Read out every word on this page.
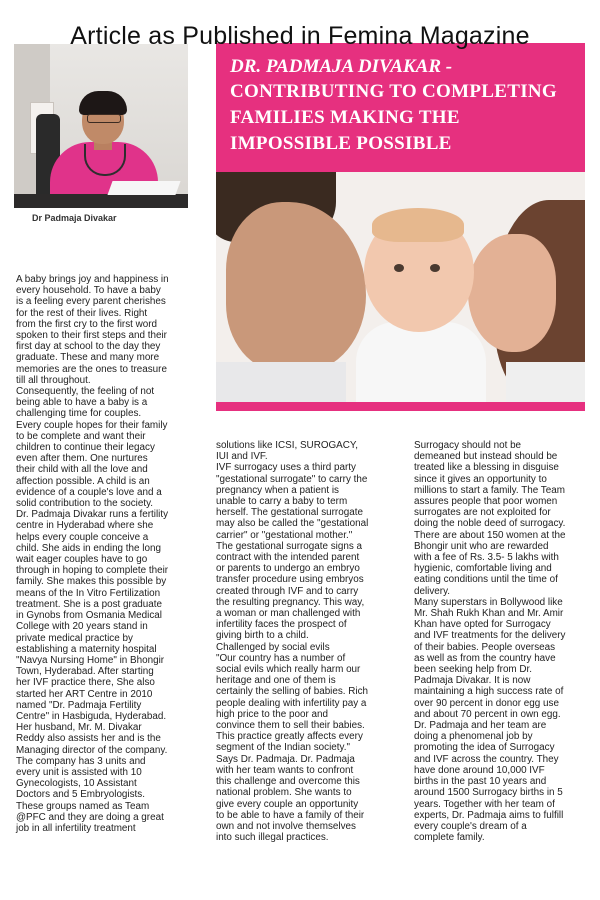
Article as Published in Femina Magazine
Dr Padmaja Divakar
DR. PADMAJA DIVAKAR -
CONTRIBUTING TO COMPLETING
FAMILIES MAKING THE
IMPOSSIBLE POSSIBLE
A baby brings joy and happiness in
every household. To have a baby
is a feeling every parent cherishes
for the rest of their lives. Right
from the first cry to the first word
spoken to their first steps and their
first day at school to the day they
graduate. These and many more
memories are the ones to treasure
till all throughout.
Consequently, the feeling of not
being able to have a baby is a
challenging time for couples.
Every couple hopes for their family
to be complete and want their
children to continue their legacy
even after them. One nurtures
their child with all the love and
affection possible. A child is an
evidence of a couple's love and a
solid contribution to the society.
Dr. Padmaja Divakar runs a fertility
centre in Hyderabad where she
helps every couple conceive a
child. She aids in ending the long
wait eager couples have to go
through in hoping to complete their
family. She makes this possible by
means of the In Vitro Fertilization
treatment. She is a post graduate
in Gynobs from Osmania Medical
College with 20 years stand in
private medical practice by
establishing a maternity hospital
"Navya Nursing Home" in Bhongir
Town, Hyderabad. After starting
her IVF practice there, She also
started her ART Centre in 2010
named "Dr. Padmaja Fertility
Centre" in Hasbiguda, Hyderabad.
Her husband, Mr. M. Divakar
Reddy also assists her and is the
Managing director of the company.
The company has 3 units and
every unit is assisted with 10
Gynecologists, 10 Assistant
Doctors and 5 Embryologists.
These groups named as Team
@PFC and they are doing a great
job in all infertility treatment
solutions like ICSI, SUROGACY,
IUI and IVF.
IVF surrogacy uses a third party
"gestational surrogate" to carry the
pregnancy when a patient is
unable to carry a baby to term
herself. The gestational surrogate
may also be called the "gestational
carrier" or "gestational mother."
The gestational surrogate signs a
contract with the intended parent
or parents to undergo an embryo
transfer procedure using embryos
created through IVF and to carry
the resulting pregnancy. This way,
a woman or man challenged with
infertility faces the prospect of
giving birth to a child.
Challenged by social evils
"Our country has a number of
social evils which really harm our
heritage and one of them is
certainly the selling of babies. Rich
people dealing with infertility pay a
high price to the poor and
convince them to sell their babies.
This practice greatly affects every
segment of the Indian society."
Says Dr. Padmaja. Dr. Padmaja
with her team wants to confront
this challenge and overcome this
national problem. She wants to
give every couple an opportunity
to be able to have a family of their
own and not involve themselves
into such illegal practices.
Surrogacy should not be
demeaned but instead should be
treated like a blessing in disguise
since it gives an opportunity to
millions to start a family. The Team
assures people that poor women
surrogates are not exploited for
doing the noble deed of surrogacy.
There are about 150 women at the
Bhongir unit who are rewarded
with a fee of Rs. 3.5- 5 lakhs with
hygienic, comfortable living and
eating conditions until the time of
delivery.
Many superstars in Bollywood like
Mr. Shah Rukh Khan and Mr. Amir
Khan have opted for Surrogacy
and IVF treatments for the delivery
of their babies. People overseas
as well as from the country have
been seeking help from Dr.
Padmaja Divakar. It is now
maintaining a high success rate of
over 90 percent in donor egg use
and about 70 percent in own egg.
Dr. Padmaja and her team are
doing a phenomenal job by
promoting the idea of Surrogacy
and IVF across the country. They
have done around 10,000 IVF
births in the past 10 years and
around 1500 Surrogacy births in 5
years. Together with her team of
experts, Dr. Padmaja aims to fulfill
every couple's dream of a
complete family.
